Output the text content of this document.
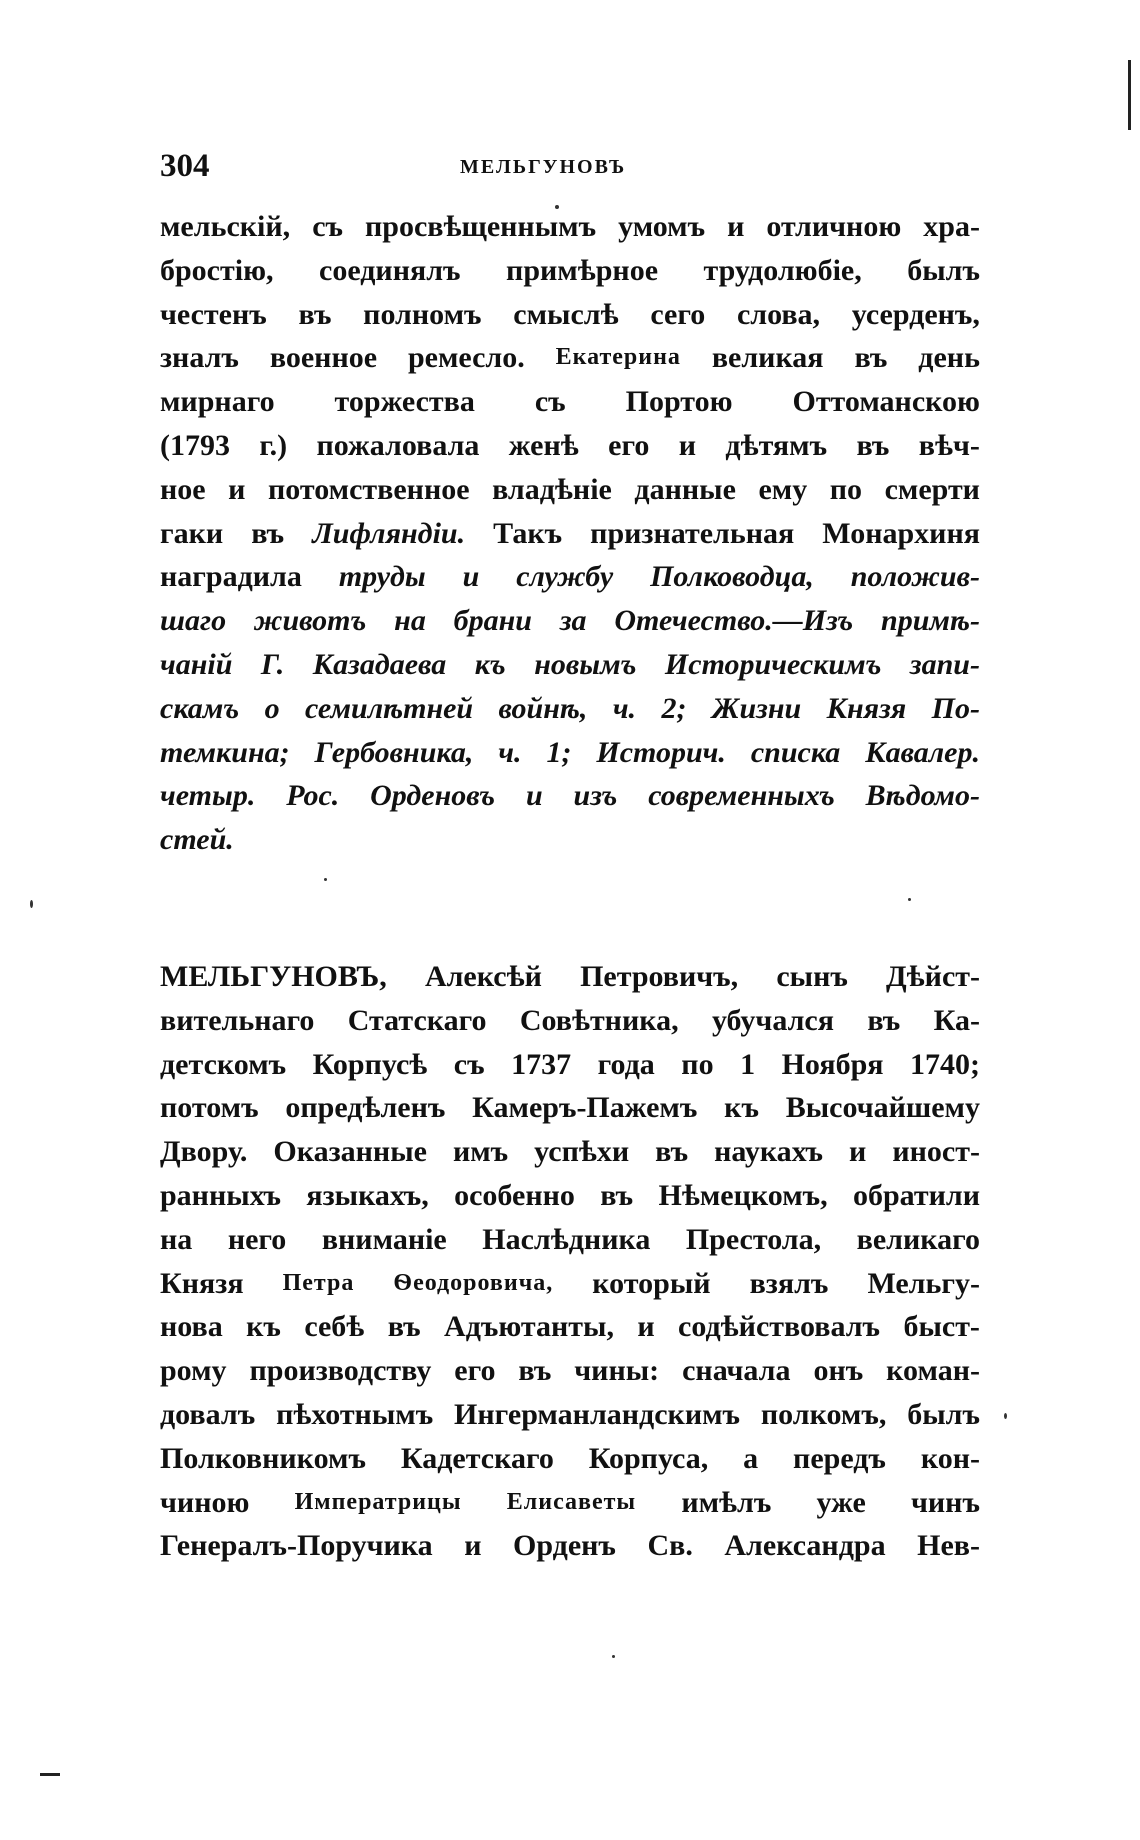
304	МЕЛЬГУНОВЪ
мельскій, съ просвѣщеннымъ умомъ и отличною хра-
бростію, соединялъ примѣрное трудолюбіе, былъ
честенъ въ полномъ смыслѣ сего слова, усерденъ,
зналъ военное ремесло. Екатерина великая въ день
мирнаго торжества съ Портою Оттоманскою
(1793 г.) пожаловала женѣ его и дѣтямъ въ вѣч-
ное и потомственное владѣніе данные ему по смерти
гаки въ Лифляндіи. Такъ признательная Монархиня
наградила труды и службу Полководца, положив-
шаго животъ на брани за Отечество.—Изъ примѣ-
чаній Г. Казадаева къ новымъ Историческимъ запи-
скамъ о семилѣтней войнѣ, ч. 2; Жизни Князя По-
темкина; Гербовника, ч. 1; Историч. списка Кавалер.
четыр. Рос. Орденовъ и изъ современныхъ Вѣдомо-
стей.
МЕЛЬГУНОВЪ, Алексѣй Петровичъ, сынъ Дѣйст-
вительнаго Статскаго Совѣтника, убучался въ Ка-
детскомъ Корпусѣ съ 1737 года по 1 Ноября 1740;
потомъ опредѣленъ Камеръ-Пажемъ къ Высочайшему
Двору. Оказанные имъ успѣхи въ наукахъ и иност-
ранныхъ языкахъ, особенно въ Нѣмецкомъ, обратили
на него вниманіе Наслѣдника Престола, великаго
Князя Петра Ѳеодоровича, который взялъ Мельгу-
нова къ себѣ въ Адъютанты, и содѣйствовалъ быст-
рому производству его въ чины: сначала онъ коман-
довалъ пѣхотнымъ Ингерманландскимъ полкомъ, былъ
Полковникомъ Кадетскаго Корпуса, а передъ кон-
чиною Императрицы Елисаветы имѣлъ уже чинъ
Генералъ-Поручика и Орденъ Св. Александра Нев-
